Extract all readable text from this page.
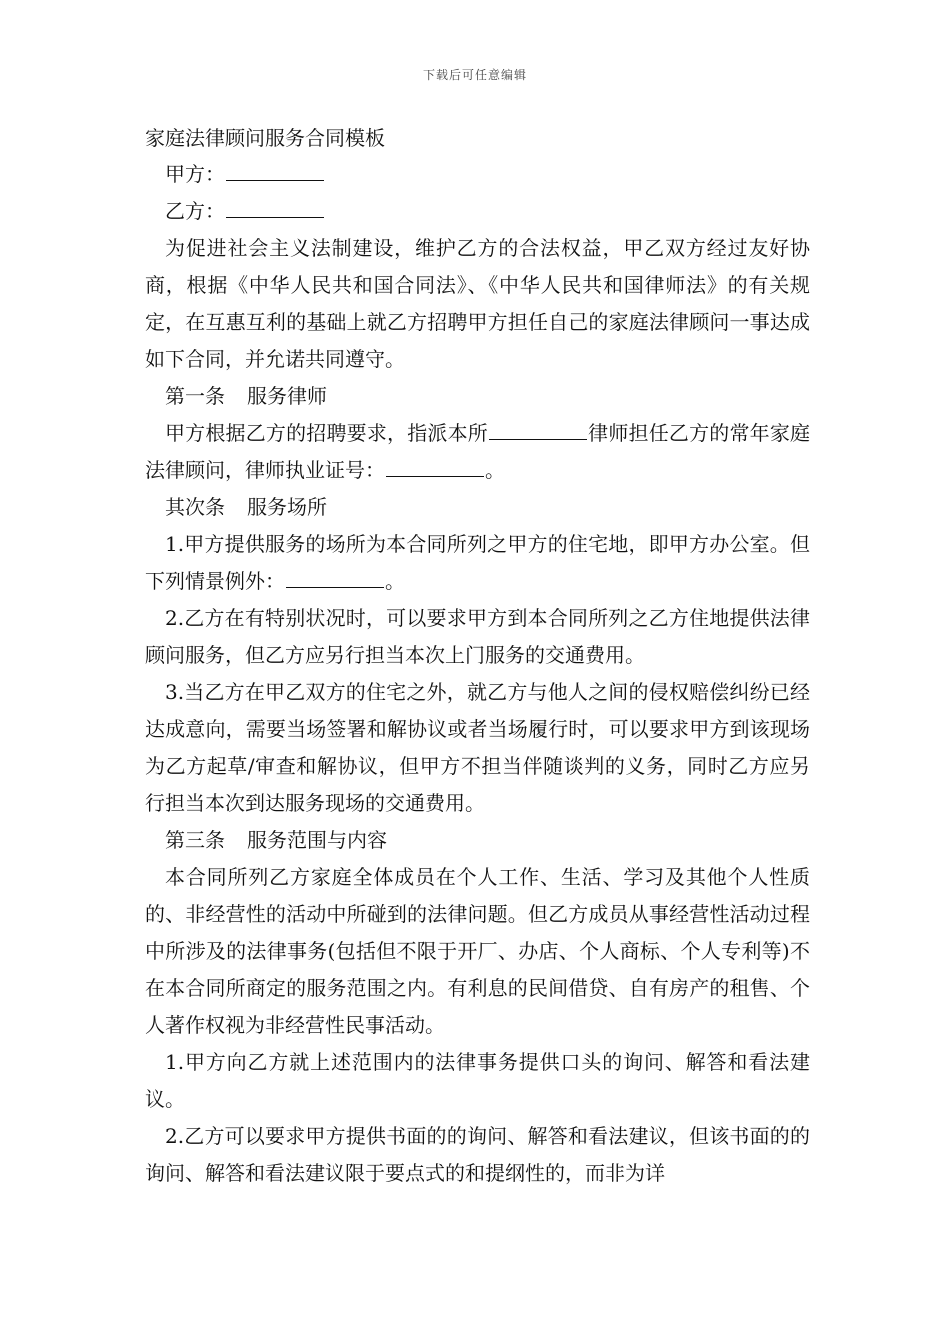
下载后可任意编辑

家庭法律顾问服务合同模板

甲方：

乙方：

为促进社会主义法制建设，维护乙方的合法权益，甲乙双方经过友好协商，根据《中华人民共和国合同法》、《中华人民共和国律师法》的有关规定，在互惠互利的基础上就乙方招聘甲方担任自己的家庭法律顾问一事达成如下合同，并允诺共同遵守。

第一条 服务律师

甲方根据乙方的招聘要求，指派本所	律师担任乙方的常年家庭法律顾问，律师执业证号：	。

其次条 服务场所

1.甲方提供服务的场所为本合同所列之甲方的住宅地，即甲方办公室。但下列情景例外：	。

2.乙方在有特别状况时，可以要求甲方到本合同所列之乙方住地提供法律顾问服务，但乙方应另行担当本次上门服务的交通费用。

3.当乙方在甲乙双方的住宅之外，就乙方与他人之间的侵权赔偿纠纷已经达成意向，需要当场签署和解协议或者当场履行时，可以要求甲方到该现场为乙方起草/审查和解协议，但甲方不担当伴随谈判的义务，同时乙方应另行担当本次到达服务现场的交通费用。

第三条 服务范围与内容

本合同所列乙方家庭全体成员在个人工作、生活、学习及其他个人性质的、非经营性的活动中所碰到的法律问题。但乙方成员从事经营性活动过程中所涉及的法律事务(包括但不限于开厂、办店、个人商标、个人专利等)不在本合同所商定的服务范围之内。有利息的民间借贷、自有房产的租售、个人著作权视为非经营性民事活动。

1.甲方向乙方就上述范围内的法律事务提供口头的询问、解答和看法建议。

2.乙方可以要求甲方提供书面的的询问、解答和看法建议，但该书面的的询问、解答和看法建议限于要点式的和提纲性的，而非为详
